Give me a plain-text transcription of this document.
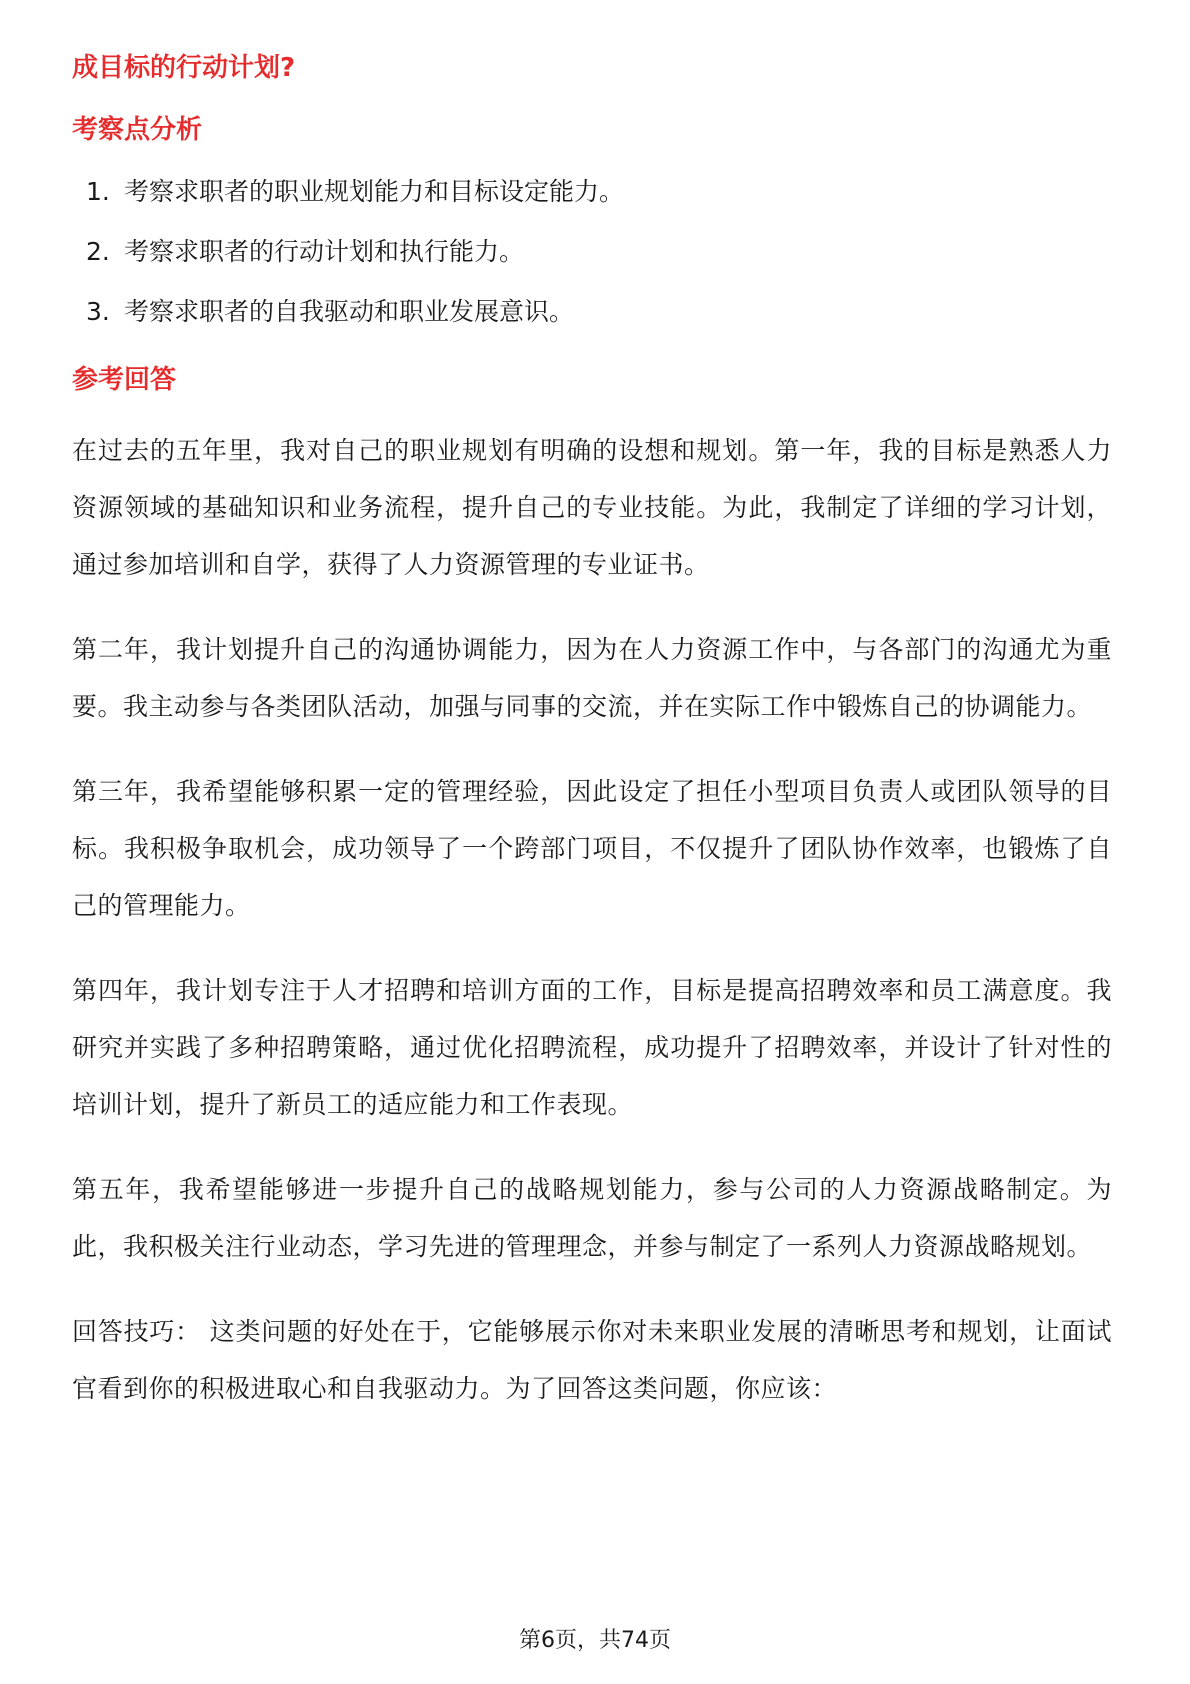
成目标的行动计划?
考察点分析
1. 考察求职者的职业规划能力和目标设定能力。
2. 考察求职者的行动计划和执行能力。
3. 考察求职者的自我驱动和职业发展意识。
参考回答

在过去的五年里，我对自己的职业规划有明确的设想和规划。第一年，我的目标是熟悉人力资源领域的基础知识和业务流程，提升自己的专业技能。为此，我制定了详细的学习计划，通过参加培训和自学，获得了人力资源管理的专业证书。

第二年，我计划提升自己的沟通协调能力，因为在人力资源工作中，与各部门的沟通尤为重要。我主动参与各类团队活动，加强与同事的交流，并在实际工作中锻炼自己的协调能力。

第三年，我希望能够积累一定的管理经验，因此设定了担任小型项目负责人或团队领导的目标。我积极争取机会，成功领导了一个跨部门项目，不仅提升了团队协作效率，也锻炼了自己的管理能力。

第四年，我计划专注于人才招聘和培训方面的工作，目标是提高招聘效率和员工满意度。我研究并实践了多种招聘策略，通过优化招聘流程，成功提升了招聘效率，并设计了针对性的培训计划，提升了新员工的适应能力和工作表现。

第五年，我希望能够进一步提升自己的战略规划能力，参与公司的人力资源战略制定。为此，我积极关注行业动态，学习先进的管理理念，并参与制定了一系列人力资源战略规划。

回答技巧： 这类问题的好处在于，它能够展示你对未来职业发展的清晰思考和规划，让面试官看到你的积极进取心和自我驱动力。为了回答这类问题，你应该：

第6页，共74页
